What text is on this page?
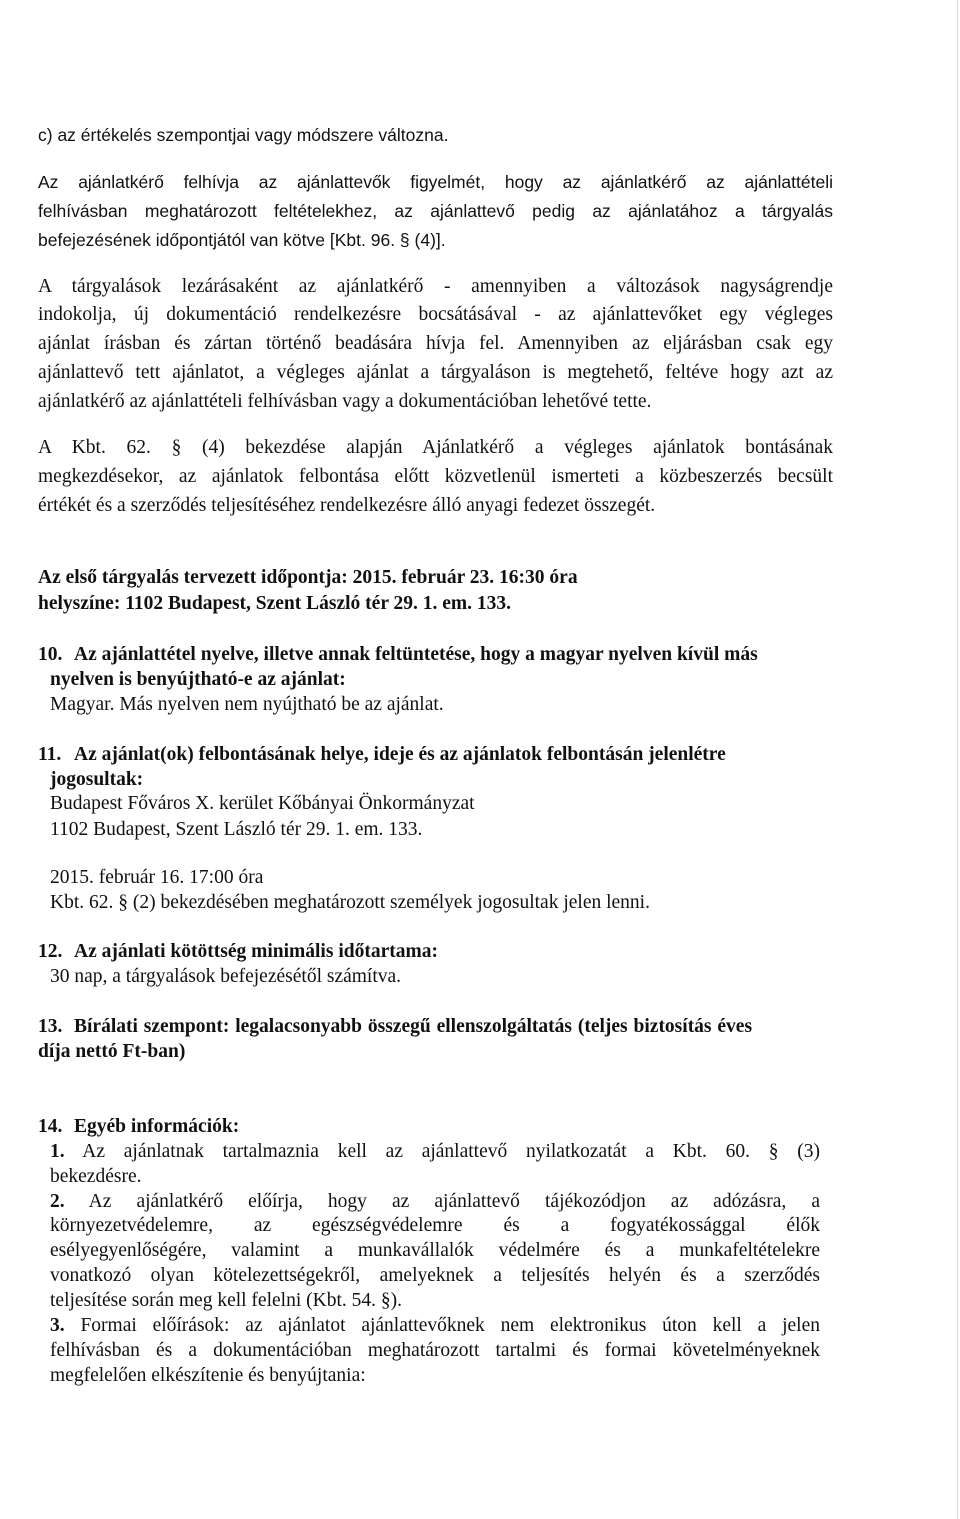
c) az értékelés szempontjai vagy módszere változna.
Az ajánlatkérő felhívja az ajánlattevők figyelmét, hogy az ajánlatkérő az ajánlattételi
felhívásban meghatározott feltételekhez, az ajánlattevő pedig az ajánlatához a tárgyalás
befejezésének időpontjától van kötve [Kbt. 96. § (4)].
A tárgyalások lezárásaként az ajánlatkérő - amennyiben a változások nagyságrendje
indokolja, új dokumentáció rendelkezésre bocsátásával - az ajánlattevőket egy végleges
ajánlat írásban és zártan történő beadására hívja fel. Amennyiben az eljárásban csak egy
ajánlattevő tett ajánlatot, a végleges ajánlat a tárgyaláson is megtehető, feltéve hogy azt az
ajánlatkérő az ajánlattételi felhívásban vagy a dokumentációban lehetővé tette.
A Kbt. 62. § (4) bekezdése alapján Ajánlatkérő a végleges ajánlatok bontásának
megkezdésekor, az ajánlatok felbontása előtt közvetlenül ismerteti a közbeszerzés becsült
értékét és a szerződés teljesítéséhez rendelkezésre álló anyagi fedezet összegét.
Az első tárgyalás tervezett időpontja: 2015. február 23. 16:30 óra
helyszíne: 1102 Budapest, Szent László tér 29. 1. em. 133.
10. Az ajánlattétel nyelve, illetve annak feltüntetése, hogy a magyar nyelven kívül más
nyelven is benyújtható-e az ajánlat:
Magyar. Más nyelven nem nyújtható be az ajánlat.
11. Az ajánlat(ok) felbontásának helye, ideje és az ajánlatok felbontásán jelenlétre
jogosultak:
Budapest Főváros X. kerület Kőbányai Önkormányzat
1102 Budapest, Szent László tér 29. 1. em. 133.
2015. február 16. 17:00 óra
Kbt. 62. § (2) bekezdésében meghatározott személyek jogosultak jelen lenni.
12. Az ajánlati kötöttség minimális időtartama:
30 nap, a tárgyalások befejezésétől számítva.
13. Bírálati szempont: legalacsonyabb összegű ellenszolgáltatás (teljes biztosítás éves
díja nettó Ft-ban)
14. Egyéb információk:
1. Az ajánlatnak tartalmaznia kell az ajánlattevő nyilatkozatát a Kbt. 60. § (3)
bekezdésre.
2. Az ajánlatkérő előírja, hogy az ajánlattevő tájékozódjon az adózásra, a
környezetvédelemre, az egészségvédelemre és a fogyatékossággal élők
esélyegyenlőségére, valamint a munkavállalók védelmére és a munkafeltételekre
vonatkozó olyan kötelezettségekről, amelyeknek a teljesítés helyén és a szerződés
teljesítése során meg kell felelni (Kbt. 54. §).
3. Formai előírások: az ajánlatot ajánlattevőknek nem elektronikus úton kell a jelen
felhívásban és a dokumentációban meghatározott tartalmi és formai követelményeknek
megfelelően elkészítenie és benyújtania:
